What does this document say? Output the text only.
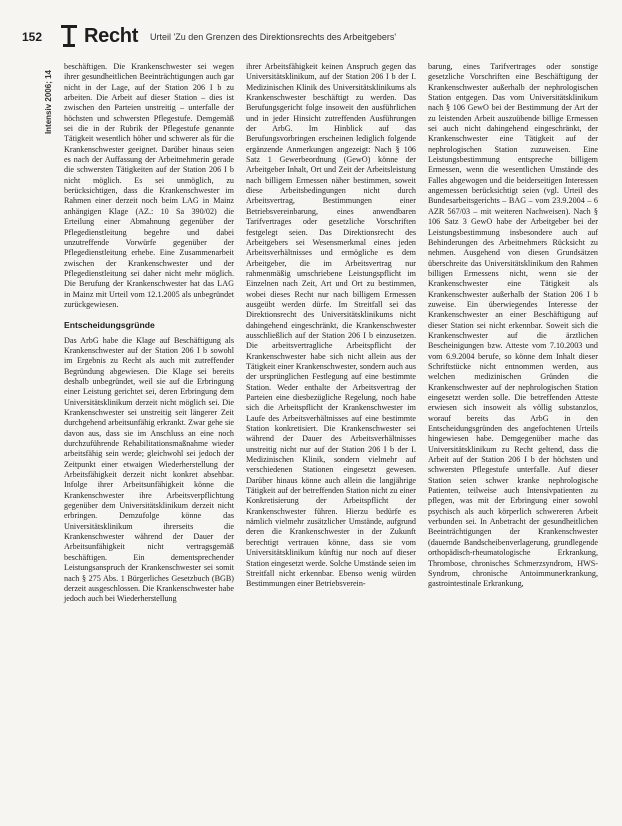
152 Recht Urteil 'Zu den Grenzen des Direktionsrechts des Arbeitgebers'
Intensiv 2006; 14

beschäftigen. Die Krankenschwester sei wegen ihrer gesundheitlichen Beeinträchtigungen auch gar nicht in der Lage, auf der Station 206 I b zu arbeiten. Die Arbeit auf dieser Station – dies ist zwischen den Parteien unstreitig – unterfalle der höchsten und schwersten Pflegestufe. Demgemäß sei die in der Rubrik der Pflegestufe genannte Tätigkeit wesentlich höher und schwerer als für die Krankenschwester geeignet. Darüber hinaus seien es nach der Auffassung der Arbeitnehmerin gerade die schwersten Tätigkeiten auf der Station 206 I b nicht möglich. Es sei unmöglich, zu berücksichtigen, dass die Krankenschwester im Rahmen einer derzeit noch beim LAG in Mainz anhängigen Klage (AZ.: 10 Sa 390/02) die Erteilung einer Abmahnung gegenüber der Pflegedienstleitung begehre und dabei unzutreffende Vorwürfe gegenüber der Pflegedienstleitung erhebe. Eine Zusammenarbeit zwischen der Krankenschwester und der Pflegedienstleitung sei daher nicht mehr möglich. Die Berufung der Krankenschwester hat das LAG in Mainz mit Urteil vom 12.1.2005 als unbegründet zurückgewiesen.

Entscheidungsgründe

Das ArbG habe die Klage auf Beschäftigung als Krankenschwester auf der Station 206 I b sowohl im Ergebnis zu Recht als auch mit zutreffender Begründung abgewiesen. Die Klage sei bereits deshalb unbegründet, weil sie auf die Erbringung einer Leistung gerichtet sei, deren Erbringung dem Universitätsklinikum derzeit nicht möglich sei. Die Krankenschwester sei unstreitig seit längerer Zeit durchgehend arbeitsunfähig erkrankt. Zwar gehe sie davon aus, dass sie im Anschluss an eine noch durchzuführende Rehabilitationsmaßnahme wieder arbeitsfähig sein werde; gleichwohl sei jedoch der Zeitpunkt einer etwaigen Wiederherstellung der Arbeitsfähigkeit derzeit nicht konkret absehbar. Infolge ihrer Arbeitsunfähigkeit könne die Krankenschwester ihre Arbeitsverpflichtung gegenüber dem Universitätsklinikum derzeit nicht erbringen. Demzufolge könne das Universitätsklinikum ihrerseits die Krankenschwester während der Dauer der Arbeitsunfähigkeit nicht vertragsgemäß beschäftigen. Ein dementsprechender Leistungsanspruch der Krankenschwester sei somit nach § 275 Abs. 1 Bürgerliches Gesetzbuch (BGB) derzeit ausgeschlossen. Die Krankenschwester habe jedoch auch bei Wiederherstellung

ihrer Arbeitsfähigkeit keinen Anspruch gegen das Universitätsklinikum, auf der Station 206 I b der I. Medizinischen Klinik des Universitätsklinikums als Krankenschwester beschäftigt zu werden. Das Berufungsgericht folge insoweit den ausführlichen und in jeder Hinsicht zutreffenden Ausführungen der ArbG. Im Hinblick auf das Berufungsvorbringen erscheinen lediglich folgende ergänzende Anmerkungen angezeigt: Nach § 106 Satz 1 Gewerbeordnung (GewO) könne der Arbeitgeber Inhalt, Ort und Zeit der Arbeitsleistung nach billigem Ermessen näher bestimmen, soweit diese Arbeitsbedingungen nicht durch Arbeitsvertrag, Bestimmungen einer Betriebsvereinbarung, eines anwendbaren Tarifvertrages oder gesetzliche Vorschriften festgelegt seien. Das Direktionsrecht des Arbeitgebers sei Wesensmerkmal eines jeden Arbeitsverhältnisses und ermögliche es dem Arbeitgeber, die im Arbeitsvertrag nur rahmenmäßig umschriebene Leistungspflicht im Einzelnen nach Zeit, Art und Ort zu bestimmen, wobei dieses Recht nur nach billigem Ermessen ausgeübt werden dürfe. Im Streitfall sei das Direktionsrecht des Universitätsklinikums nicht dahingehend eingeschränkt, die Krankenschwester ausschließlich auf der Station 206 I b einzusetzen. Die arbeitsvertragliche Arbeitspflicht der Krankenschwester habe sich nicht allein aus der Tätigkeit einer Krankenschwester, sondern auch aus der ursprünglichen Festlegung auf eine bestimmte Station. Weder enthalte der Arbeitsvertrag der Parteien eine diesbezügliche Regelung, noch habe sich die Arbeitspflicht der Krankenschwester im Laufe des Arbeitsverhältnisses auf eine bestimmte Station konkretisiert. Die Krankenschwester sei während der Dauer des Arbeitsverhältnisses unstreitig nicht nur auf der Station 206 I b der I. Medizinischen Klinik, sondern vielmehr auf verschiedenen Stationen eingesetzt gewesen. Darüber hinaus könne auch allein die langjährige Tätigkeit auf der betreffenden Station nicht zu einer Konkretisierung der Arbeitspflicht der Krankenschwester führen. Hierzu bedürfe es nämlich vielmehr zusätzlicher Umstände, aufgrund deren die Krankenschwester in der Zukunft berechtigt vertrauen könne, dass sie vom Universitätsklinikum künftig nur noch auf dieser Station eingesetzt werde. Solche Umstände seien im Streitfall nicht erkennbar. Ebenso wenig würden Bestimmungen einer Betriebsverein-

barung, eines Tarifvertrages oder sonstige gesetzliche Vorschriften eine Beschäftigung der Krankenschwester außerhalb der nephrologischen Station entgegen. Das vom Universitätsklinikum nach § 106 GewO bei der Bestimmung der Art der zu leistenden Arbeit auszuübende billige Ermessen sei auch nicht dahingehend eingeschränkt, der Krankenschwester eine Tätigkeit auf der nephrologischen Station zuzuweisen. Eine Leistungsbestimmung entspreche billigem Ermessen, wenn die wesentlichen Umstände des Falles abgewogen und die beiderseitigen Interessen angemessen berücksichtigt seien (vgl. Urteil des Bundesarbeitsgerichts – BAG – vom 23.9.2004 – 6 AZR 567/03 – mit weiteren Nachweisen). Nach § 106 Satz 3 GewO habe der Arbeitgeber bei der Leistungsbestimmung insbesondere auch auf Behinderungen des Arbeitnehmers Rücksicht zu nehmen. Ausgehend von diesen Grundsätzen überschreite das Universitätsklinikum den Rahmen billigen Ermessens nicht, wenn sie der Krankenschwester eine Tätigkeit als Krankenschwester außerhalb der Station 206 I b zuweise. Ein überwiegendes Interesse der Krankenschwester an einer Beschäftigung auf dieser Station sei nicht erkennbar. Soweit sich die Krankenschwester auf die ärztlichen Bescheinigungen bzw. Atteste vom 7.10.2003 und vom 6.9.2004 berufe, so könne dem Inhalt dieser Schriftstücke nicht entnommen werden, aus welchen medizinischen Gründen die Krankenschwester auf der nephrologischen Station eingesetzt werden solle. Die betreffenden Atteste erwiesen sich insoweit als völlig substanzlos, worauf bereits das ArbG in den Entscheidungsgründen des angefochtenen Urteils hingewiesen habe. Demgegenüber mache das Universitätsklinikum zu Recht geltend, dass die Arbeit auf der Station 206 I b der höchsten und schwersten Pflegestufe unterfalle. Auf dieser Station seien schwer kranke nephrologische Patienten, teilweise auch Intensivpatienten zu pflegen, was mit der Erbringung einer sowohl psychisch als auch körperlich schwereren Arbeit verbunden sei. In Anbetracht der gesundheitlichen Beeinträchtigungen der Krankenschwester (dauernde Bandscheibenverlagerung, grundlegende orthopädisch-rheumatologische Erkrankung, Thrombose, chronisches Schmerzsyndrom, HWS-Syndrom, chronische Antoimmunerkrankung, gastrointestinale Erkrankung,
